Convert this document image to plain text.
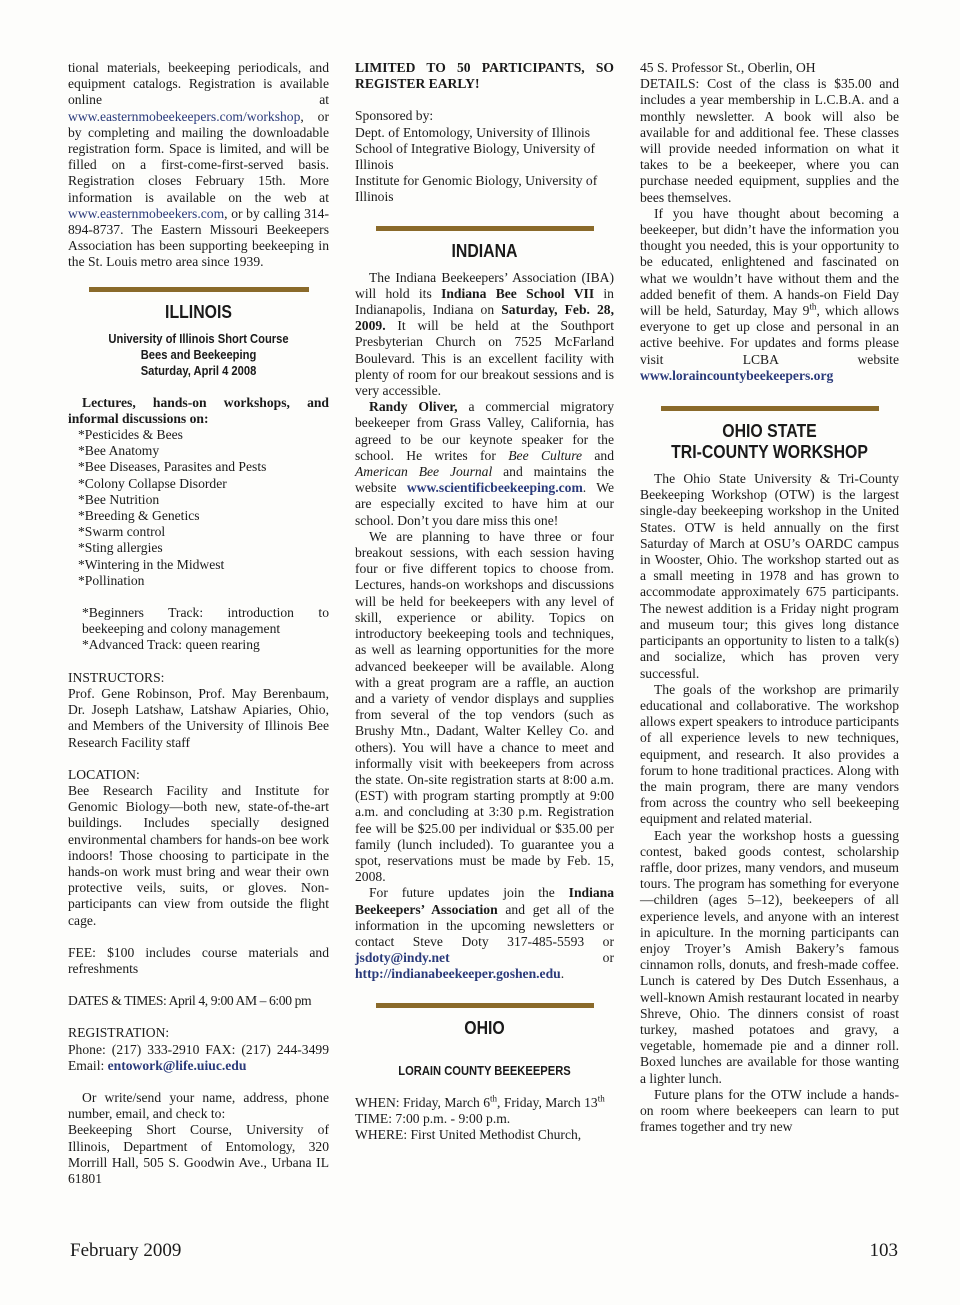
tional materials, beekeeping periodicals, and equipment catalogs. Registration is available online at www.easternmobeekeepers.com/workshop, or by completing and mailing the downloadable registration form. Space is limited, and will be filled on a first-come-first-served basis. Registration closes February 15th. More information is available on the web at www.easternmobeekers.com, or by calling 314-894-8737. The Eastern Missouri Beekeepers Association has been supporting beekeeping in the St. Louis metro area since 1939.

ILLINOIS
University of Illinois Short Course
Bees and Beekeeping
Saturday, April 4 2008

Lectures, hands-on workshops, and informal discussions on:

*Pesticides & Bees
*Bee Anatomy
*Bee Diseases, Parasites and Pests
*Colony Collapse Disorder
*Bee Nutrition
*Breeding & Genetics
*Swarm control
*Sting allergies
*Wintering in the Midwest
*Pollination

*Beginners Track: introduction to beekeeping and colony management

*Advanced Track: queen rearing

INSTRUCTORS:

Prof. Gene Robinson, Prof. May Berenbaum, Dr. Joseph Latshaw, Latshaw Apiaries, Ohio, and Members of the University of Illinois Bee Research Facility staff

LOCATION:

Bee Research Facility and Institute for Genomic Biology—both new, state-of-the-art buildings. Includes specially designed environmental chambers for hands-on bee work indoors! Those choosing to participate in the hands-on work must bring and wear their own protective veils, suits, or gloves. Non-participants can view from outside the flight cage.

FEE: $100 includes course materials and refreshments

DATES & TIMES: April 4, 9:00 AM – 6:00 pm

REGISTRATION:

Phone: (217) 333-2910 FAX: (217) 244-3499 Email: entowork@life.uiuc.edu

Or write/send your name, address, phone number, email, and check to:

Beekeeping Short Course, University of Illinois, Department of Entomology, 320 Morrill Hall, 505 S. Goodwin Ave., Urbana IL 61801

LIMITED TO 50 PARTICIPANTS, SO REGISTER EARLY!

Sponsored by:

Dept. of Entomology, University of Illinois

School of Integrative Biology, University of Illinois

Institute for Genomic Biology, University of Illinois

INDIANA

The Indiana Beekeepers’ Association (IBA) will hold its Indiana Bee School VII in Indianapolis, Indiana on Saturday, Feb. 28, 2009. It will be held at the Southport Presbyterian Church on 7525 McFarland Boulevard. This is an excellent facility with plenty of room for our breakout sessions and is very accessible.

Randy Oliver, a commercial migratory beekeeper from Grass Valley, California, has agreed to be our keynote speaker for the school. He writes for Bee Culture and American Bee Journal and maintains the website www.scientificbeekeeping.com. We are especially excited to have him at our school. Don’t you dare miss this one!

We are planning to have three or four breakout sessions, with each session having four or five different topics to choose from. Lectures, hands-on workshops and discussions will be held for beekeepers with any level of skill, experience or ability. Topics on introductory beekeeping tools and techniques, as well as learning opportunities for the more advanced beekeeper will be available. Along with a great program are a raffle, an auction and a variety of vendor displays and supplies from several of the top vendors (such as Brushy Mtn., Dadant, Walter Kelley Co. and others). You will have a chance to meet and informally visit with beekeepers from across the state. On-site registration starts at 8:00 a.m. (EST) with program starting promptly at 9:00 a.m. and concluding at 3:30 p.m. Registration fee will be $25.00 per individual or $35.00 per family (lunch included). To guarantee you a spot, reservations must be made by Feb. 15, 2008.

For future updates join the Indiana Beekeepers’ Association and get all of the information in the upcoming newsletters or contact Steve Doty 317-485-5593 or jsdoty@indy.net or http://indianabeekeeper.goshen.edu.

OHIO
LORAIN COUNTY BEEKEEPERS

WHEN: Friday, March 6th, Friday, March 13th

TIME: 7:00 p.m. - 9:00 p.m.

WHERE: First United Methodist Church,

45 S. Professor St., Oberlin, OH

DETAILS: Cost of the class is $35.00 and includes a year membership in L.C.B.A. and a monthly newsletter. A book will also be available for and additional fee. These classes will provide needed information on what it takes to be a beekeeper, where you can purchase needed equipment, supplies and the bees themselves.

If you have thought about becoming a beekeeper, but didn’t have the information you thought you needed, this is your opportunity to be educated, enlightened and fascinated on what we wouldn’t have without them and the added benefit of them. A hands-on Field Day will be held, Saturday, May 9th, which allows everyone to get up close and personal in an active beehive. For updates and forms please visit LCBA website www.loraincountybeekeepers.org

OHIO STATE
TRI-COUNTY WORKSHOP

The Ohio State University & Tri-County Beekeeping Workshop (OTW) is the largest single-day beekeeping workshop in the United States. OTW is held annually on the first Saturday of March at OSU’s OARDC campus in Wooster, Ohio. The workshop started out as a small meeting in 1978 and has grown to accommodate approximately 675 participants. The newest addition is a Friday night program and museum tour; this gives long distance participants an opportunity to listen to a talk(s) and socialize, which has proven very successful.

The goals of the workshop are primarily educational and collaborative. The workshop allows expert speakers to introduce participants of all experience levels to new techniques, equipment, and research. It also provides a forum to hone traditional practices. Along with the main program, there are many vendors from across the country who sell beekeeping equipment and related material.

Each year the workshop hosts a guessing contest, baked goods contest, scholarship raffle, door prizes, many vendors, and museum tours. The program has something for everyone—children (ages 5–12), beekeepers of all experience levels, and anyone with an interest in apiculture. In the morning participants can enjoy Troyer’s Amish Bakery’s famous cinnamon rolls, donuts, and fresh-made coffee. Lunch is catered by Des Dutch Essenhaus, a well-known Amish restaurant located in nearby Shreve, Ohio. The dinners consist of roast turkey, mashed potatoes and gravy, a vegetable, homemade pie and a dinner roll. Boxed lunches are available for those wanting a lighter lunch.

Future plans for the OTW include a hands-on room where beekeepers can learn to put frames together and try new

February 2009	103
